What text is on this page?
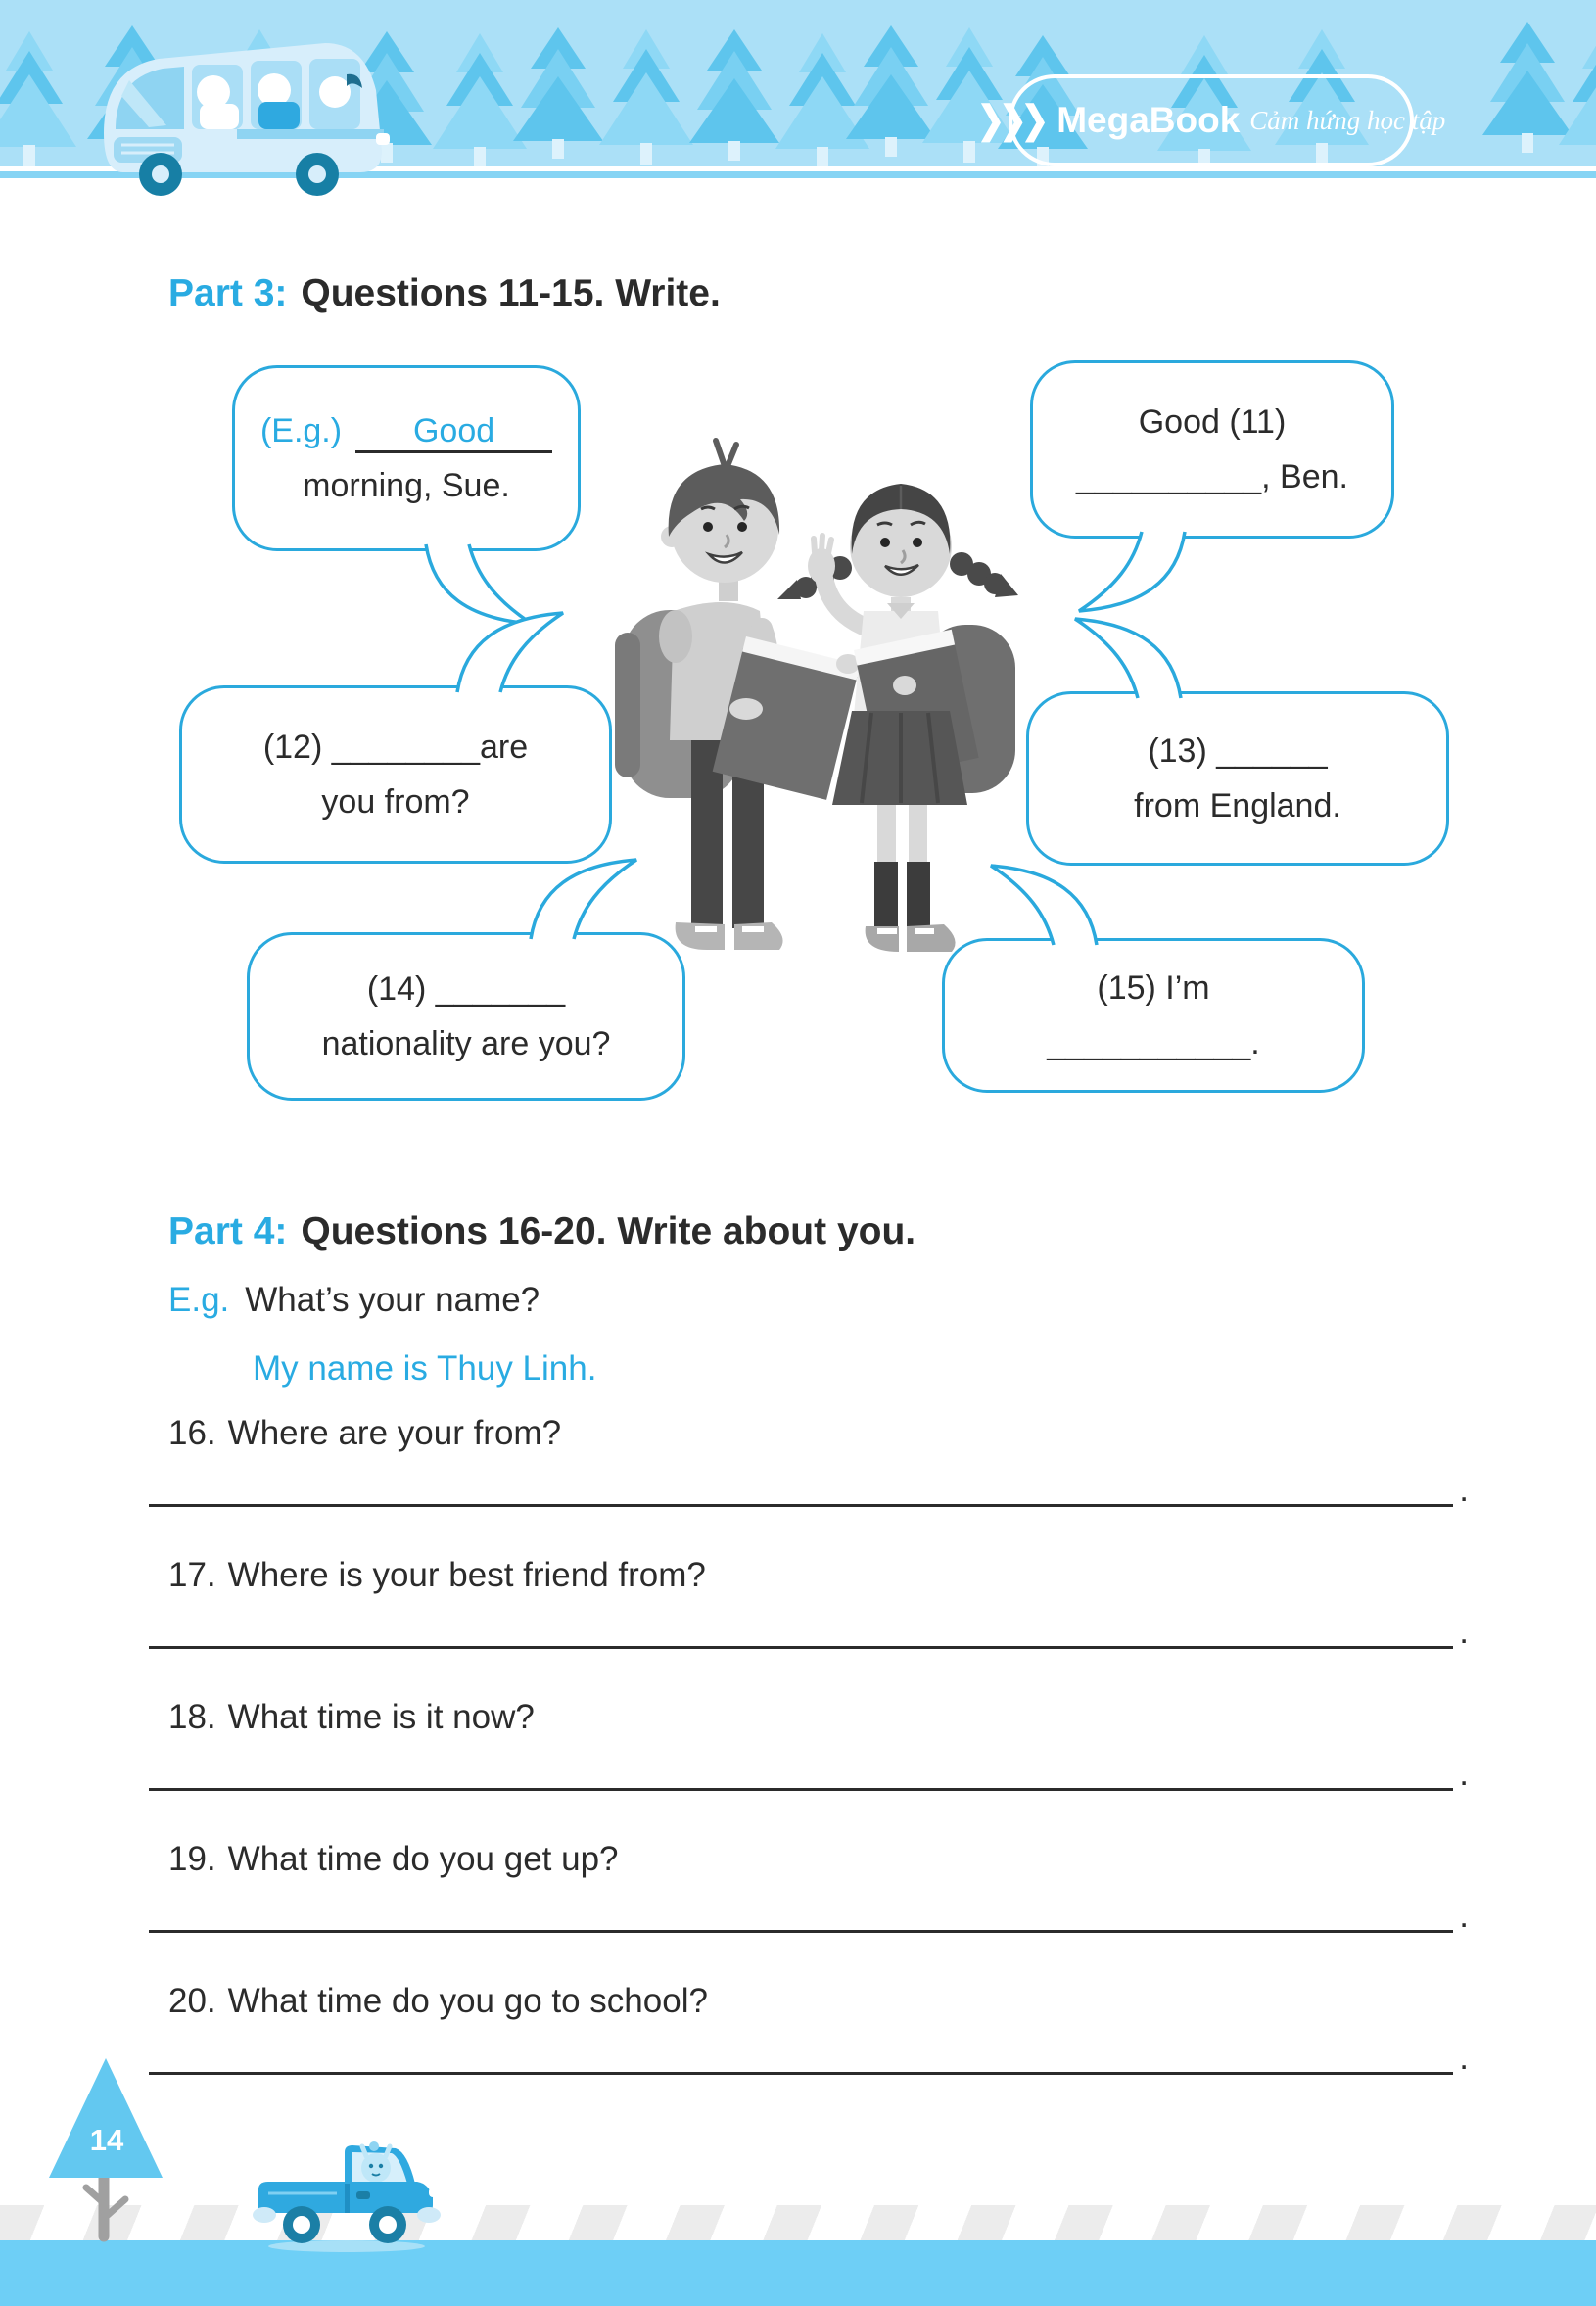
❯❯❯ MegaBook Cảm hứng học tập
Part 3: Questions 11-15. Write.
(E.g.) Good
morning, Sue.
Good (11)
__________, Ben.
(12) ________are
you from?
(13) ______
from England.
(14) _______
nationality are you?
(15) I’m
___________.
Part 4: Questions 16-20. Write about you.
E.g. What’s your name?
My name is Thuy Linh.
16. Where are your from?
.
17. Where is your best friend from?
.
18. What time is it now?
.
19. What time do you get up?
.
20. What time do you go to school?
.
14
